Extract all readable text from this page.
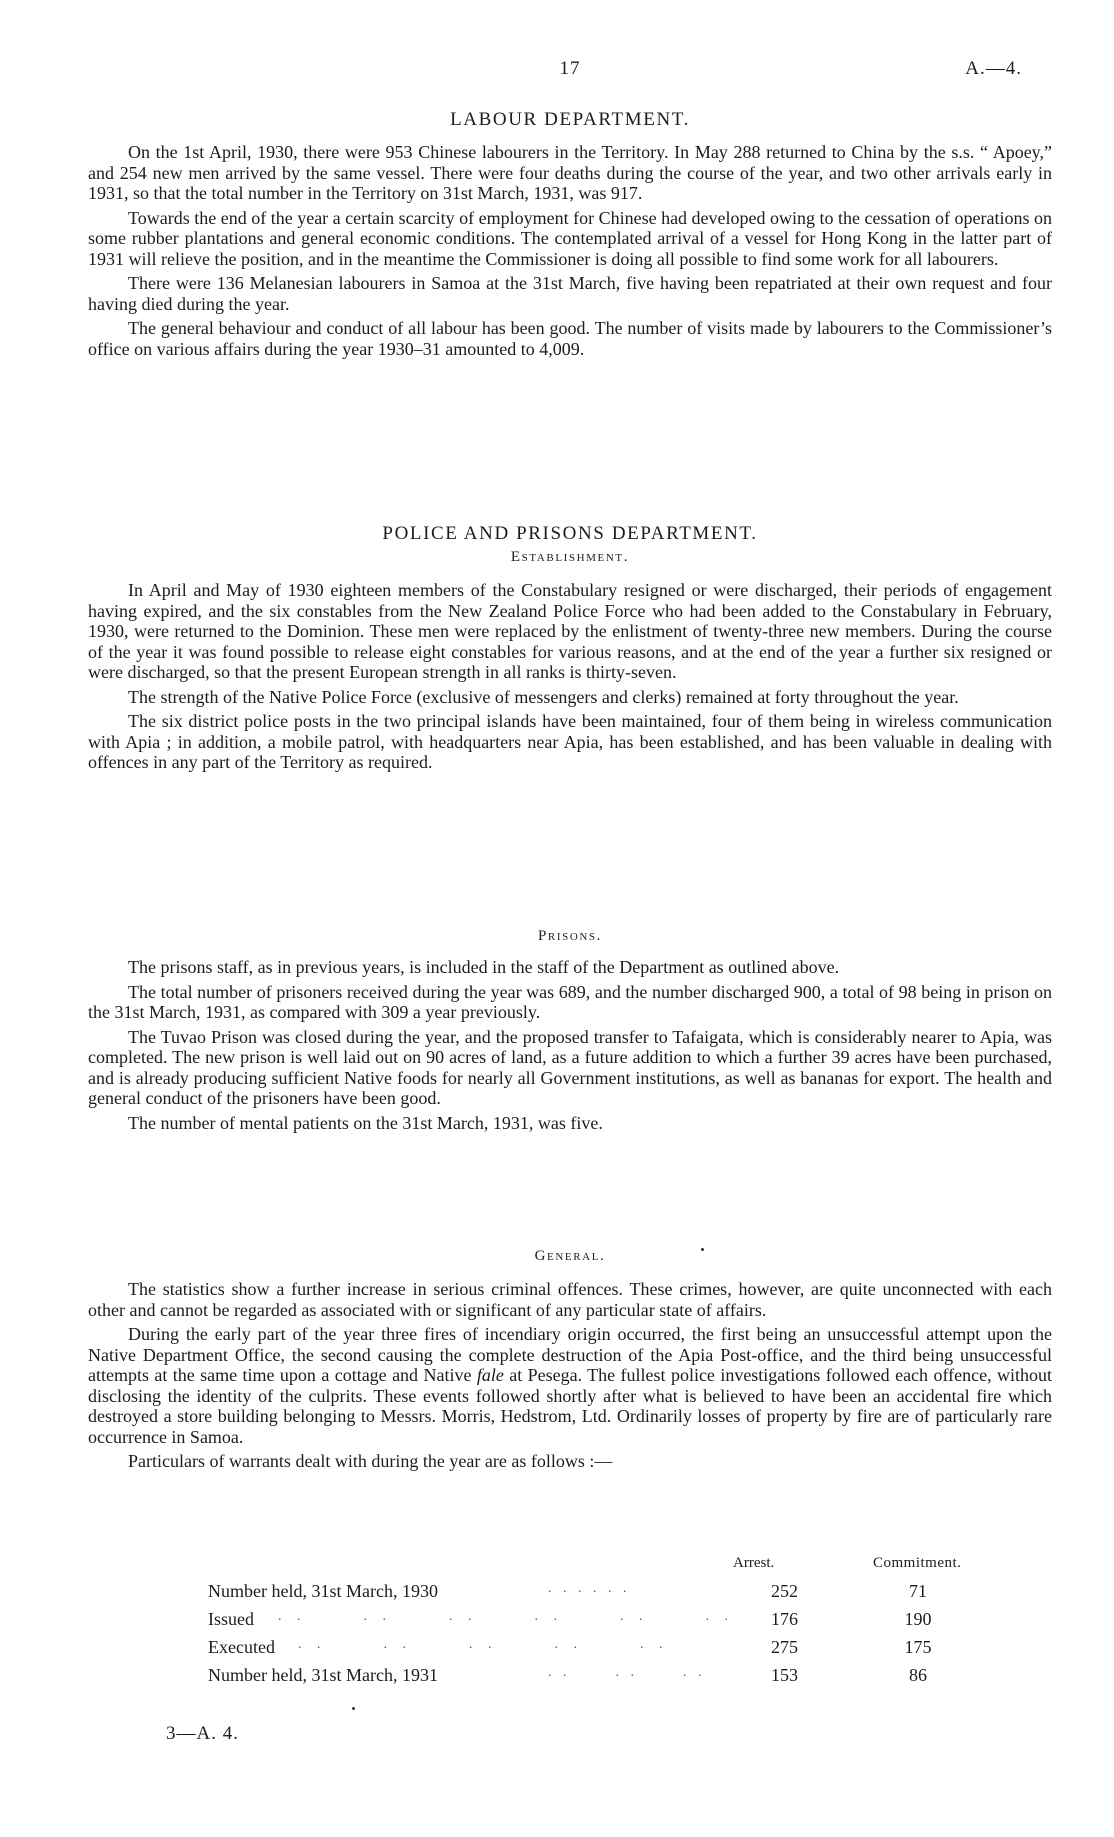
17	A.—4.
LABOUR DEPARTMENT.

On the 1st April, 1930, there were 953 Chinese labourers in the Territory. In May 288 returned to China by the s.s. “ Apoey,” and 254 new men arrived by the same vessel. There were four deaths during the course of the year, and two other arrivals early in 1931, so that the total number in the Territory on 31st March, 1931, was 917.

Towards the end of the year a certain scarcity of employment for Chinese had developed owing to the cessation of operations on some rubber plantations and general economic conditions. The contemplated arrival of a vessel for Hong Kong in the latter part of 1931 will relieve the position, and in the meantime the Commissioner is doing all possible to find some work for all labourers.

There were 136 Melanesian labourers in Samoa at the 31st March, five having been repatriated at their own request and four having died during the year.

The general behaviour and conduct of all labour has been good. The number of visits made by labourers to the Commissioner’s office on various affairs during the year 1930–31 amounted to 4,009.

POLICE AND PRISONS DEPARTMENT.
Establishment.

In April and May of 1930 eighteen members of the Constabulary resigned or were discharged, their periods of engagement having expired, and the six constables from the New Zealand Police Force who had been added to the Constabulary in February, 1930, were returned to the Dominion. These men were replaced by the enlistment of twenty-three new members. During the course of the year it was found possible to release eight constables for various reasons, and at the end of the year a further six resigned or were discharged, so that the present European strength in all ranks is thirty-seven.

The strength of the Native Police Force (exclusive of messengers and clerks) remained at forty throughout the year.

The six district police posts in the two principal islands have been maintained, four of them being in wireless communication with Apia ; in addition, a mobile patrol, with headquarters near Apia, has been established, and has been valuable in dealing with offences in any part of the Territory as required.

Prisons.

The prisons staff, as in previous years, is included in the staff of the Department as outlined above.

The total number of prisoners received during the year was 689, and the number discharged 900, a total of 98 being in prison on the 31st March, 1931, as compared with 309 a year previously.

The Tuvao Prison was closed during the year, and the proposed transfer to Tafaigata, which is considerably nearer to Apia, was completed. The new prison is well laid out on 90 acres of land, as a future addition to which a further 39 acres have been purchased, and is already producing sufficient Native foods for nearly all Government institutions, as well as bananas for export. The health and general conduct of the prisoners have been good.

The number of mental patients on the 31st March, 1931, was five.

General.

The statistics show a further increase in serious criminal offences. These crimes, however, are quite unconnected with each other and cannot be regarded as associated with or significant of any particular state of affairs.

During the early part of the year three fires of incendiary origin occurred, the first being an unsuccessful attempt upon the Native Department Office, the second causing the complete destruction of the Apia Post-office, and the third being unsuccessful attempts at the same time upon a cottage and Native fale at Pesega. The fullest police investigations followed each offence, without disclosing the identity of the culprits. These events followed shortly after what is believed to have been an accidental fire which destroyed a store building belonging to Messrs. Morris, Hedstrom, Ltd. Ordinarily losses of property by fire are of particularly rare occurrence in Samoa.

Particulars of warrants dealt with during the year are as follows :—

Arrest.	Commitment.
Number held, 31st March, 1930	. . . . . .	252	71
Issued . .      . .      . .      . .      . .      . .	176	190
Executed . .      . .      . .      . .      . .	275	175
Number held, 31st March, 1931	. .      . .      . .	153	86
3—A. 4.
